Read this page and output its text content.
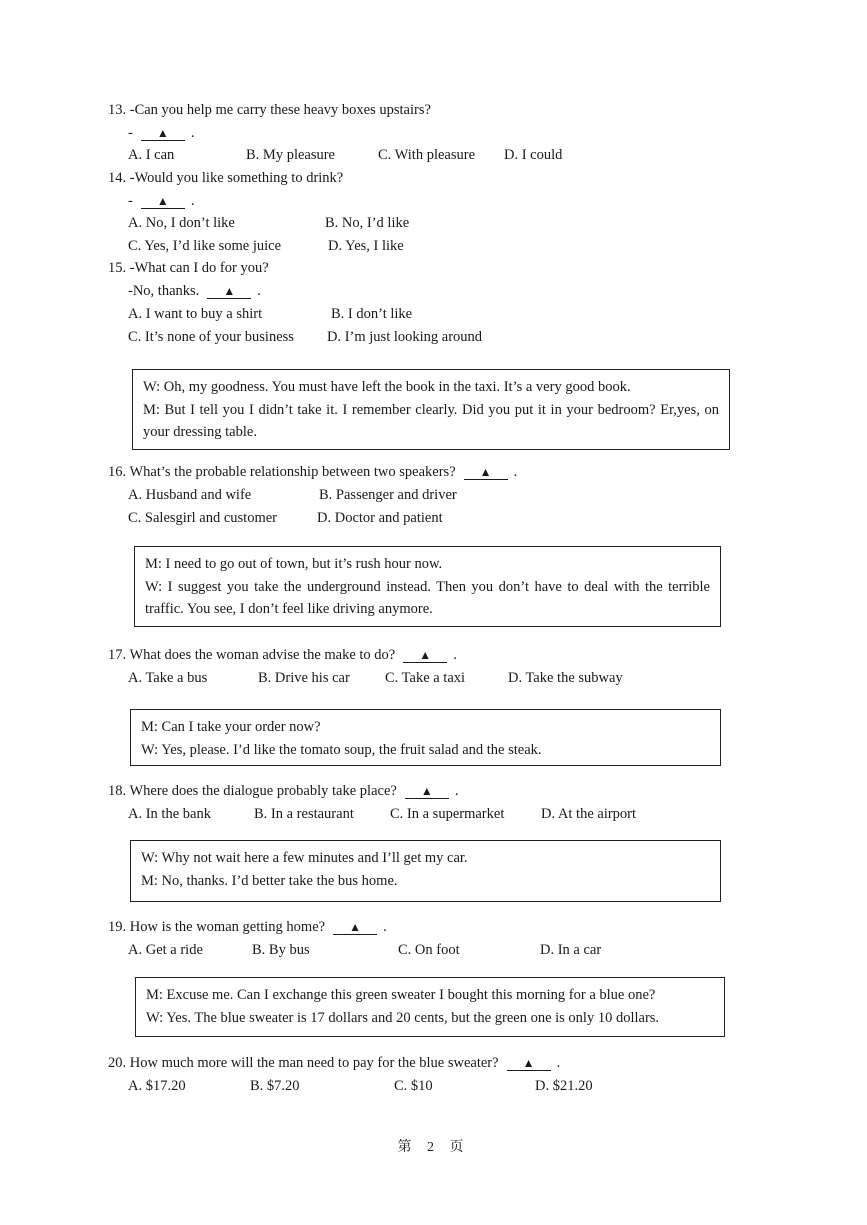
13. -Can you help me carry these heavy boxes upstairs?
- ▲ .
A. I can	B. My pleasure	C. With pleasure D. I could
14. -Would you like something to drink?
- ▲ .
A. No, I don’t like	B. No, I’d like
C. Yes, I’d like some juice	D. Yes, I like
15. -What can I do for you?
-No, thanks. ▲ .
A. I want to buy a shirt	B. I don’t like
C. It’s none of your business D. I’m just looking around

W: Oh, my goodness. You must have left the book in the taxi. It’s a very good book.

M: But I tell you I didn’t take it. I remember clearly. Did you put it in your bedroom? Er,yes, on your dressing table.

16. What’s the probable relationship between two speakers? ▲ .
A. Husband and wife	B. Passenger and driver
C. Salesgirl and customer	D. Doctor and patient

M: I need to go out of town, but it’s rush hour now.

W: I suggest you take the underground instead. Then you don’t have to deal with the terrible traffic. You see, I don’t feel like driving anymore.

17. What does the woman advise the make to do? ▲ .
A. Take a bus	B. Drive his car C. Take a taxi	D. Take the subway

M: Can I take your order now?

W: Yes, please. I’d like the tomato soup, the fruit salad and the steak.

18. Where does the dialogue probably take place? ▲ .
A. In the bank	B. In a restaurant C. In a supermarket	D. At the airport

W: Why not wait here a few minutes and I’ll get my car.

M: No, thanks. I’d better take the bus home.

19. How is the woman getting home? ▲ .
A. Get a ride	B. By bus	C. On foot	D. In a car

M: Excuse me. Can I exchange this green sweater I bought this morning for a blue one?

W: Yes. The blue sweater is 17 dollars and 20 cents, but the green one is only 10 dollars.

20. How much more will the man need to pay for the blue sweater? ▲ .
A. $17.20	B. $7.20	C. $10	D. $21.20
第 2 页
